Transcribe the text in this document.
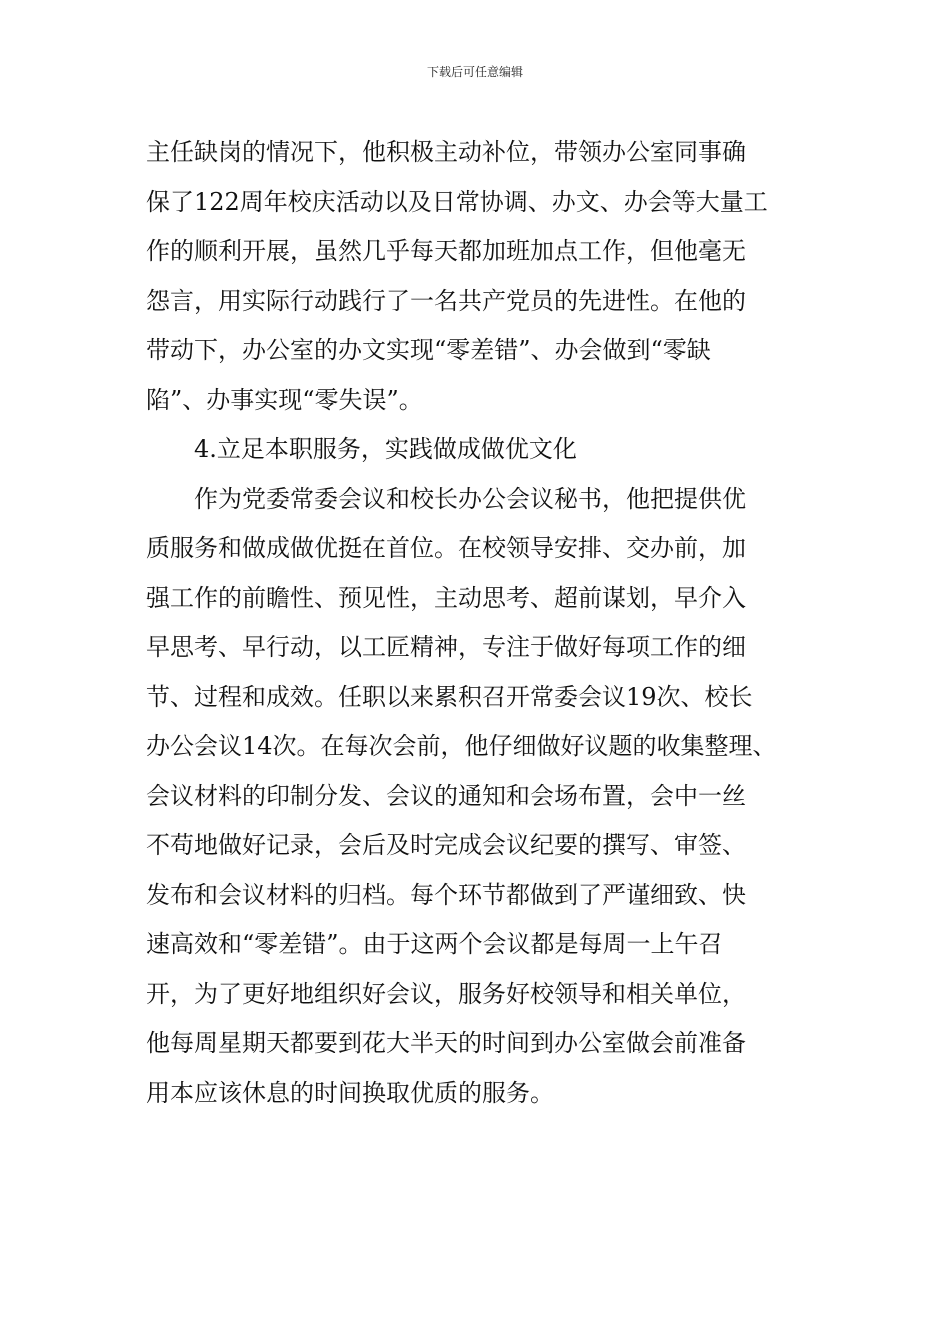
下载后可任意编辑
主任缺岗的情况下，他积极主动补位，带领办公室同事确
保了122周年校庆活动以及日常协调、办文、办会等大量工
作的顺利开展，虽然几乎每天都加班加点工作，但他毫无
怨言，用实际行动践行了一名共产党员的先进性。在他的
带动下，办公室的办文实现“零差错”、办会做到“零缺
陷”、办事实现“零失误”。
4.立足本职服务，实践做成做优文化
作为党委常委会议和校长办公会议秘书，他把提供优
质服务和做成做优挺在首位。在校领导安排、交办前，加
强工作的前瞻性、预见性，主动思考、超前谋划，早介入
早思考、早行动，以工匠精神，专注于做好每项工作的细
节、过程和成效。任职以来累积召开常委会议19次、校长
办公会议14次。在每次会前，他仔细做好议题的收集整理、
会议材料的印制分发、会议的通知和会场布置，会中一丝
不苟地做好记录，会后及时完成会议纪要的撰写、审签、
发布和会议材料的归档。每个环节都做到了严谨细致、快
速高效和“零差错”。由于这两个会议都是每周一上午召
开，为了更好地组织好会议，服务好校领导和相关单位，
他每周星期天都要到花大半天的时间到办公室做会前准备
用本应该休息的时间换取优质的服务。
